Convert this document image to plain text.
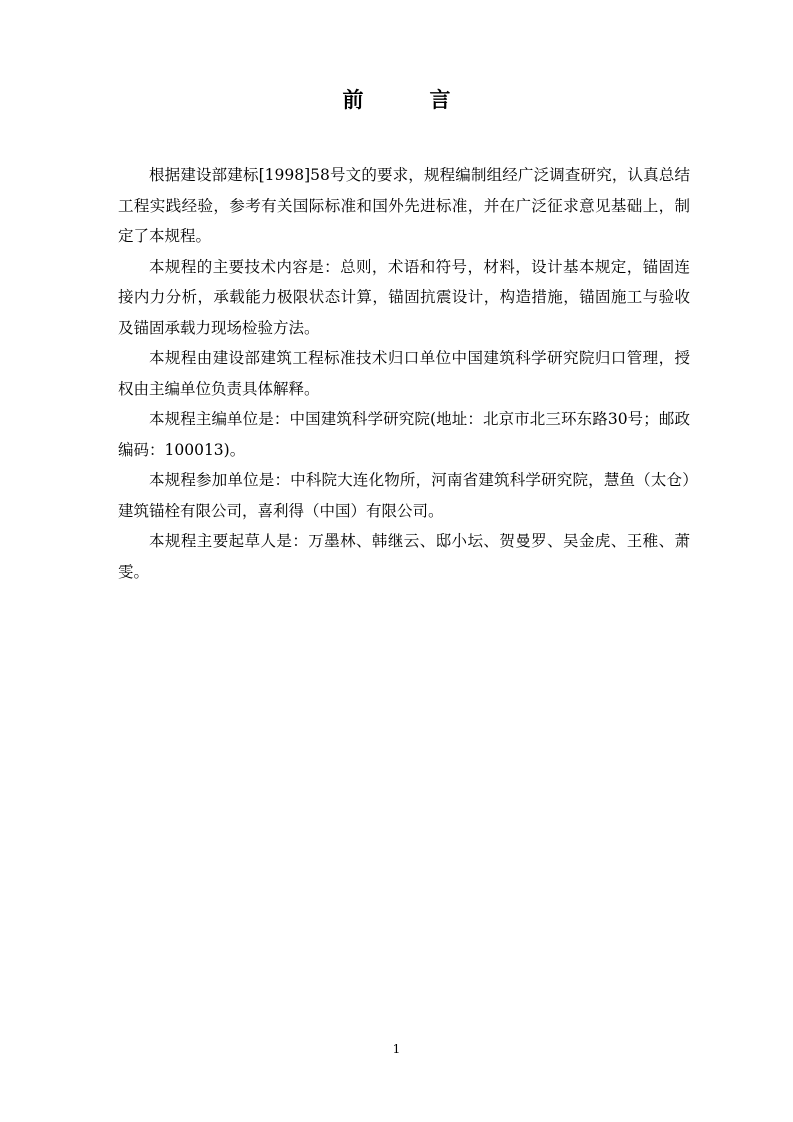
前	言

根据建设部建标[1998]58号文的要求，规程编制组经广泛调查研究，认真总结工程实践经验，参考有关国际标准和国外先进标准，并在广泛征求意见基础上，制定了本规程。

本规程的主要技术内容是：总则，术语和符号，材料，设计基本规定，锚固连接内力分析，承载能力极限状态计算，锚固抗震设计，构造措施，锚固施工与验收及锚固承载力现场检验方法。

本规程由建设部建筑工程标准技术归口单位中国建筑科学研究院归口管理，授权由主编单位负责具体解释。

本规程主编单位是：中国建筑科学研究院(地址：北京市北三环东路30号；邮政编码：100013)。

本规程参加单位是：中科院大连化物所，河南省建筑科学研究院，慧鱼（太仓）建筑锚栓有限公司，喜利得（中国）有限公司。

本规程主要起草人是：万墨林、韩继云、邸小坛、贺曼罗、吴金虎、王稚、萧雯。

1
